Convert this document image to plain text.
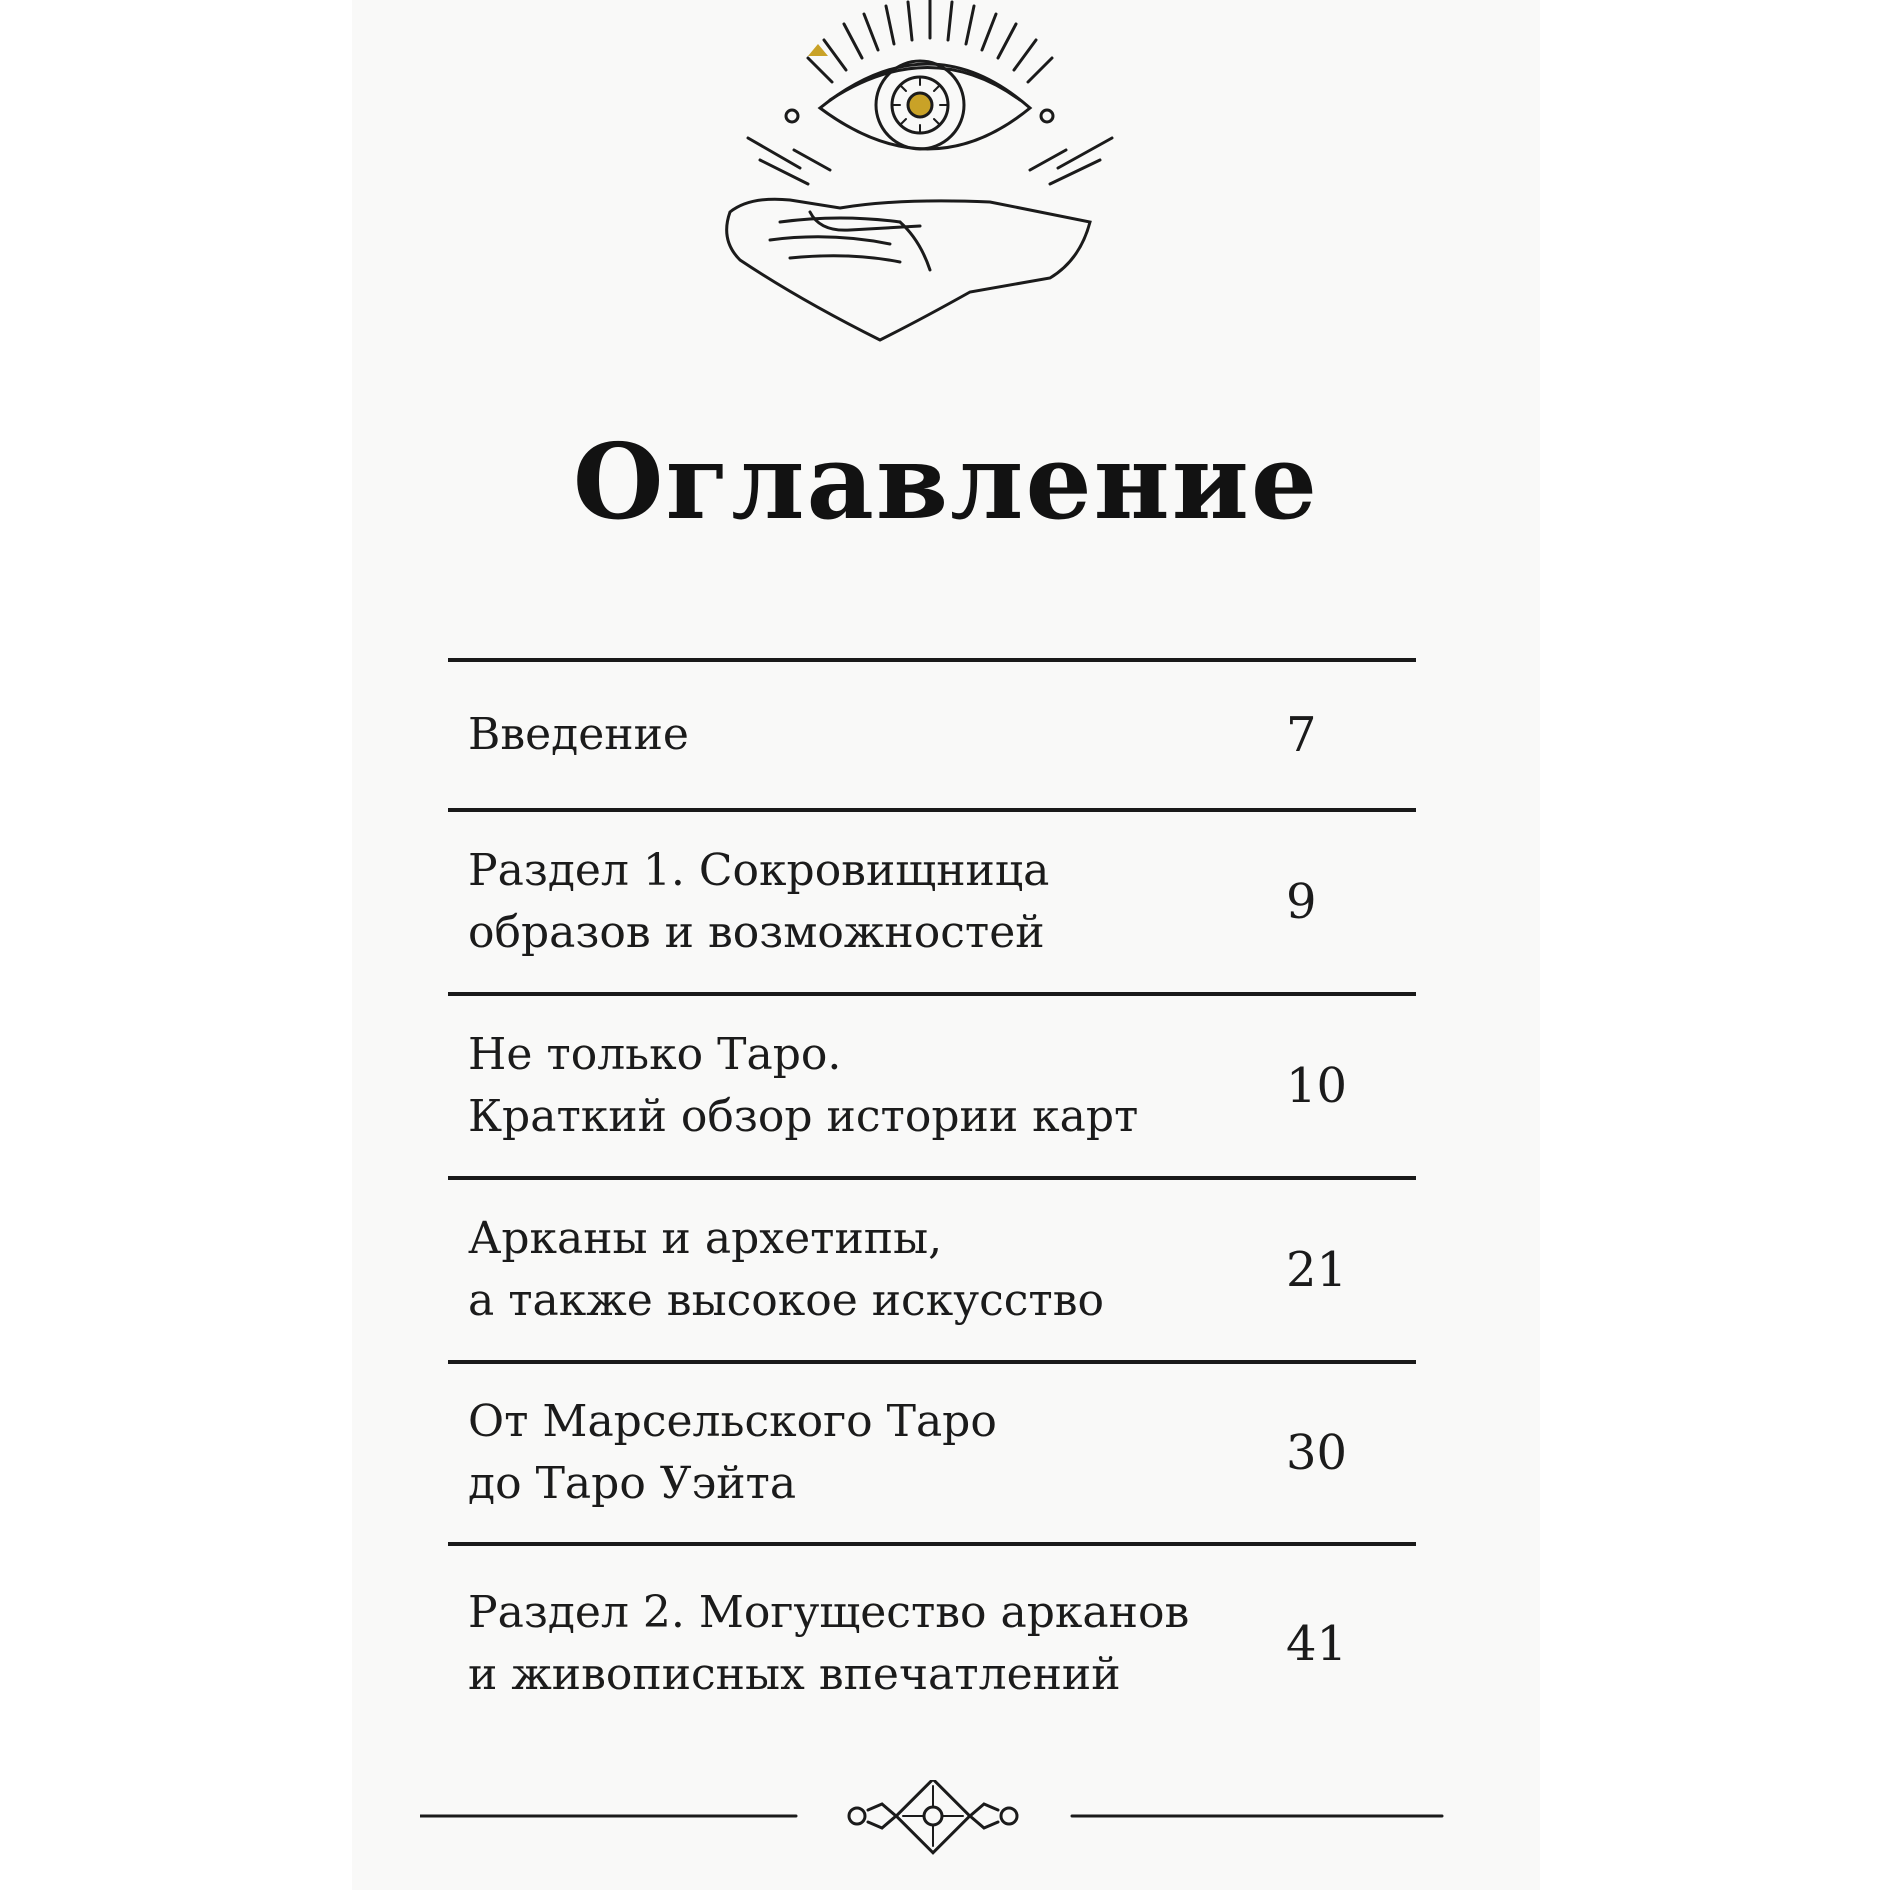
Оглавление
Введение	7
Раздел 1. Сокровищница
образов и возможностей
9
Не только Таро.
Краткий обзор истории карт
10
Арканы и архетипы,
а также высокое искусство
21
От Марсельского Таро
до Таро Уэйта
30
Раздел 2. Могущество арканов
и живописных впечатлений
41
